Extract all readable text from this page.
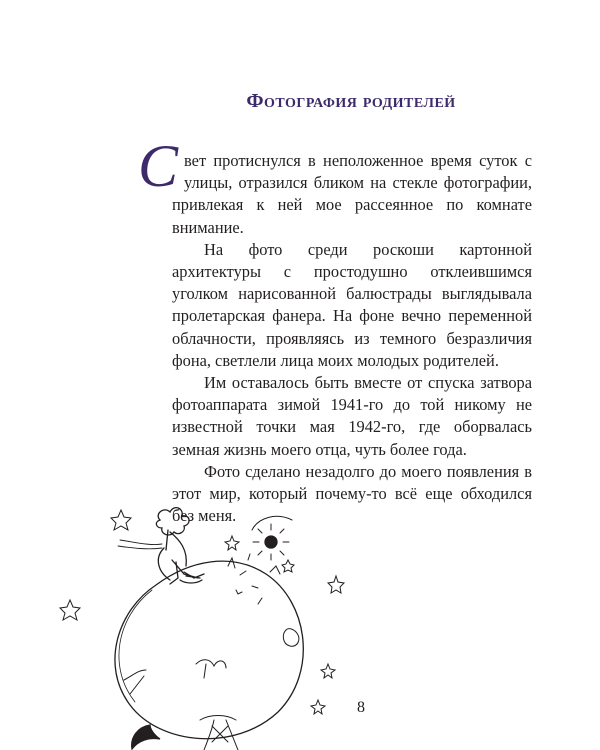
Фотография родителей

Свет протиснулся в неположенное время суток с улицы, отразился бликом на стекле фотографии, привлекая к ней мое рассеянное по комнате внимание.

На фото среди роскоши картонной архитектуры с простодушно отклеившимся уголком нарисованной балюстрады выглядывала пролетарская фанера. На фоне вечно переменной облачности, проявляясь из темного безразличия фона, светлели лица моих молодых родителей.

Им оставалось быть вместе от спуска затвора фотоаппарата зимой 1941-го до той никому не известной точки мая 1942-го, где оборвалась земная жизнь моего отца, чуть более года.

Фото сделано незадолго до моего появления в этот мир, который почему-то всё еще обходился без меня.

8
